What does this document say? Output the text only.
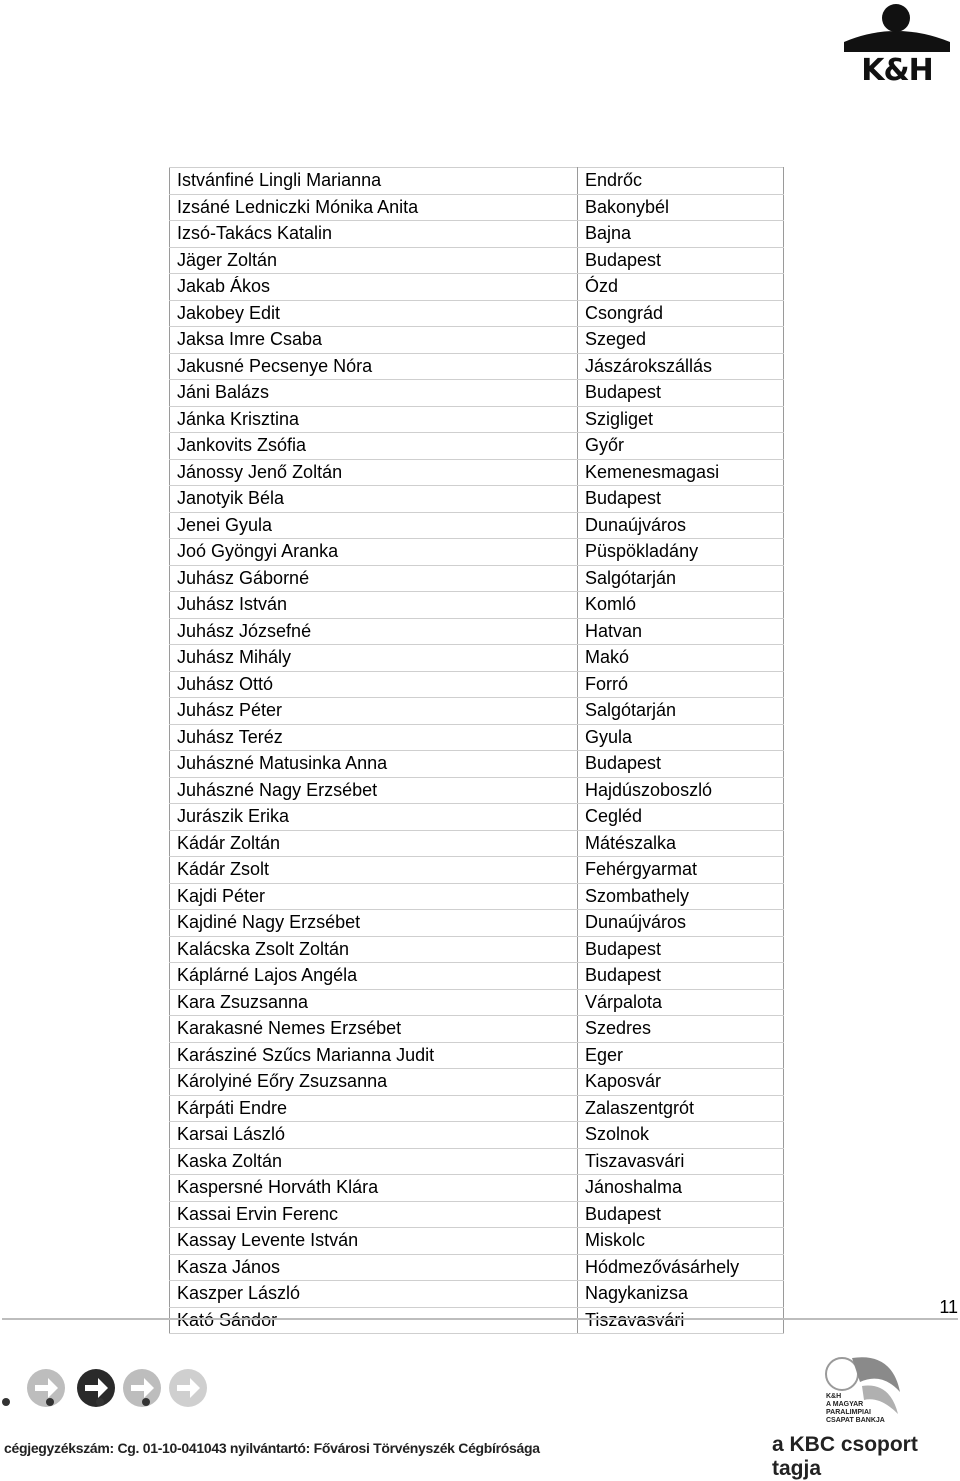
K&H
Istvánfiné Lingli Marianna	Endrőc
Izsáné Ledniczki Mónika Anita	Bakonybél
Izsó-Takács Katalin	Bajna
Jäger Zoltán	Budapest
Jakab Ákos	Ózd
Jakobey Edit	Csongrád
Jaksa Imre Csaba	Szeged
Jakusné Pecsenye Nóra	Jászárokszállás
Jáni Balázs	Budapest
Jánka Krisztina	Szigliget
Jankovits Zsófia	Győr
Jánossy Jenő Zoltán	Kemenesmagasi
Janotyik Béla	Budapest
Jenei Gyula	Dunaújváros
Joó Gyöngyi Aranka	Püspökladány
Juhász Gáborné	Salgótarján
Juhász István	Komló
Juhász Józsefné	Hatvan
Juhász Mihály	Makó
Juhász Ottó	Forró
Juhász Péter	Salgótarján
Juhász Teréz	Gyula
Juhászné Matusinka Anna	Budapest
Juhászné Nagy Erzsébet	Hajdúszoboszló
Jurászik Erika	Cegléd
Kádár Zoltán	Mátészalka
Kádár Zsolt	Fehérgyarmat
Kajdi Péter	Szombathely
Kajdiné Nagy Erzsébet	Dunaújváros
Kalácska Zsolt Zoltán	Budapest
Káplárné Lajos Angéla	Budapest
Kara Zsuzsanna	Várpalota
Karakasné Nemes Erzsébet	Szedres
Karásziné Szűcs Marianna Judit	Eger
Károlyiné Eőry Zsuzsanna	Kaposvár
Kárpáti Endre	Zalaszentgrót
Karsai László	Szolnok
Kaska Zoltán	Tiszavasvári
Kaspersné Horváth Klára	Jánoshalma
Kassai Ervin Ferenc	Budapest
Kassay Levente István	Miskolc
Kasza János	Hódmezővásárhely
Kaszper László	Nagykanizsa
Kató Sándor	Tiszavasvári
11
cégjegyzékszám: Cg. 01-10-041043 nyilvántartó: Fővárosi Törvényszék Cégbírósága
K&H
A MAGYAR
PARALIMPIAI
CSAPAT BANKJA
a KBC csoport tagja
